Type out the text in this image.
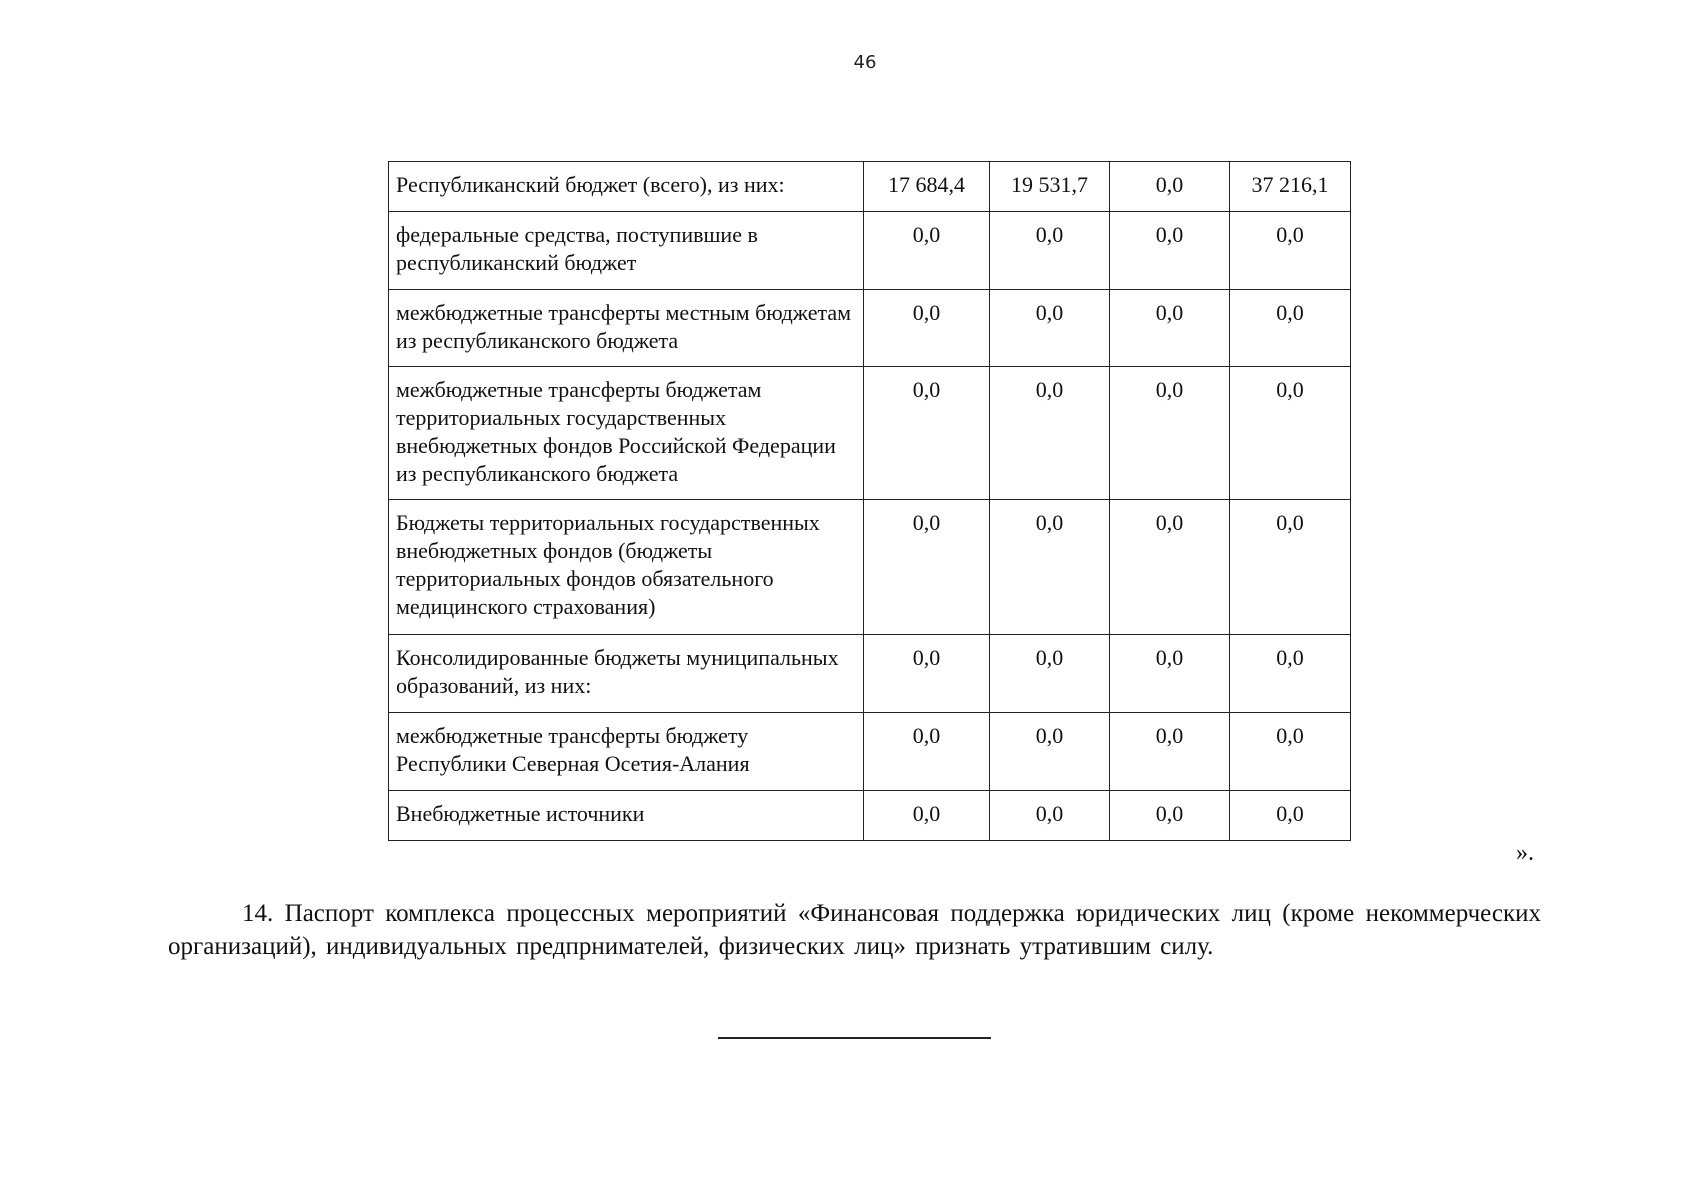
46
Республиканский бюджет (всего), из них:	17 684,4	19 531,7	0,0	37 216,1
федеральные средства, поступившие в республиканский бюджет	0,0	0,0	0,0	0,0
межбюджетные трансферты местным бюджетам из республиканского бюджета	0,0	0,0	0,0	0,0
межбюджетные трансферты бюджетам территориальных государственных внебюджетных фондов Российской Федерации из республиканского бюджета	0,0	0,0	0,0	0,0
Бюджеты территориальных государственных внебюджетных фондов (бюджеты территориальных фондов обязательного медицинского страхования)	0,0	0,0	0,0	0,0
Консолидированные бюджеты муниципальных образований, из них:	0,0	0,0	0,0	0,0
межбюджетные трансферты бюджету Республики Северная Осетия-Алания	0,0	0,0	0,0	0,0
Внебюджетные источники	0,0	0,0	0,0	0,0
».

14. Паспорт комплекса процессных мероприятий «Финансовая поддержка юридических лиц (кроме некоммерческих организаций), индивидуальных предпрнимателей, физических лиц» признать утратившим силу.
